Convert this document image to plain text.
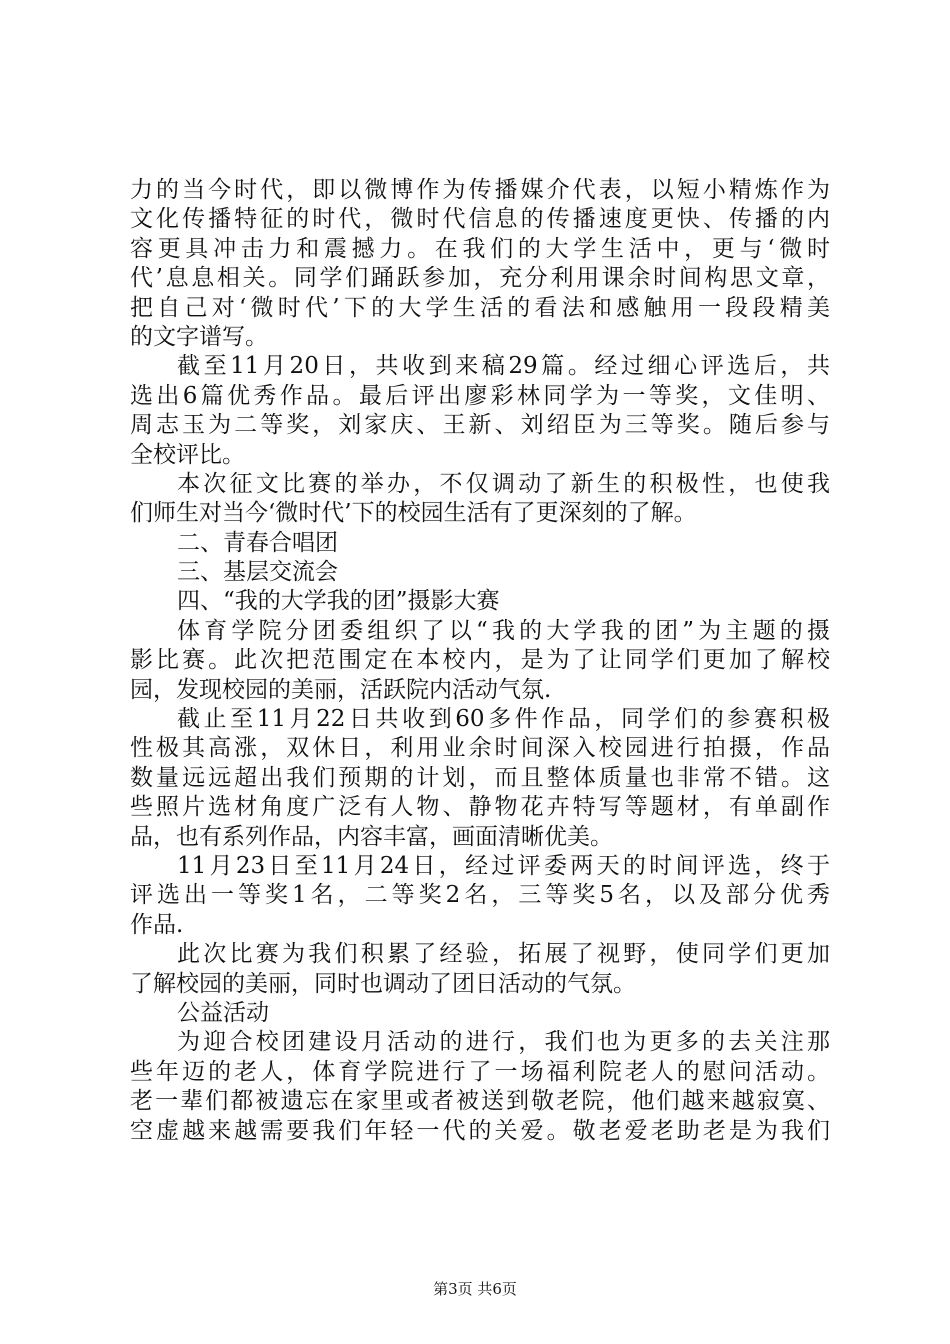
力的当今时代，即以微博作为传播媒介代表，以短小精炼作为
文化传播特征的时代，微时代信息的传播速度更快、传播的内
容更具冲击力和震撼力。在我们的大学生活中，更与‘微时
代’息息相关。同学们踊跃参加，充分利用课余时间构思文章，
把自己对‘微时代’下的大学生活的看法和感触用一段段精美
的文字谱写。
截至11月20日，共收到来稿29篇。经过细心评选后，共
选出6篇优秀作品。最后评出廖彩林同学为一等奖，文佳明、
周志玉为二等奖，刘家庆、王新、刘绍臣为三等奖。随后参与
全校评比。
本次征文比赛的举办，不仅调动了新生的积极性，也使我
们师生对当今‘微时代’下的校园生活有了更深刻的了解。
二、青春合唱团
三、基层交流会
四、“我的大学我的团”摄影大赛
体育学院分团委组织了以“我的大学我的团”为主题的摄
影比赛。此次把范围定在本校内，是为了让同学们更加了解校
园，发现校园的美丽，活跃院内活动气氛.
截止至11月22日共收到60多件作品，同学们的参赛积极
性极其高涨，双休日，利用业余时间深入校园进行拍摄，作品
数量远远超出我们预期的计划，而且整体质量也非常不错。这
些照片选材角度广泛有人物、静物花卉特写等题材，有单副作
品，也有系列作品，内容丰富，画面清晰优美。
11月23日至11月24日，经过评委两天的时间评选，终于
评选出一等奖1名，二等奖2名，三等奖5名，以及部分优秀
作品.
此次比赛为我们积累了经验，拓展了视野，使同学们更加
了解校园的美丽，同时也调动了团日活动的气氛。
公益活动
为迎合校团建设月活动的进行，我们也为更多的去关注那
些年迈的老人，体育学院进行了一场福利院老人的慰问活动。
老一辈们都被遗忘在家里或者被送到敬老院，他们越来越寂寞、
空虚越来越需要我们年轻一代的关爱。敬老爱老助老是为我们
第3页 共6页
